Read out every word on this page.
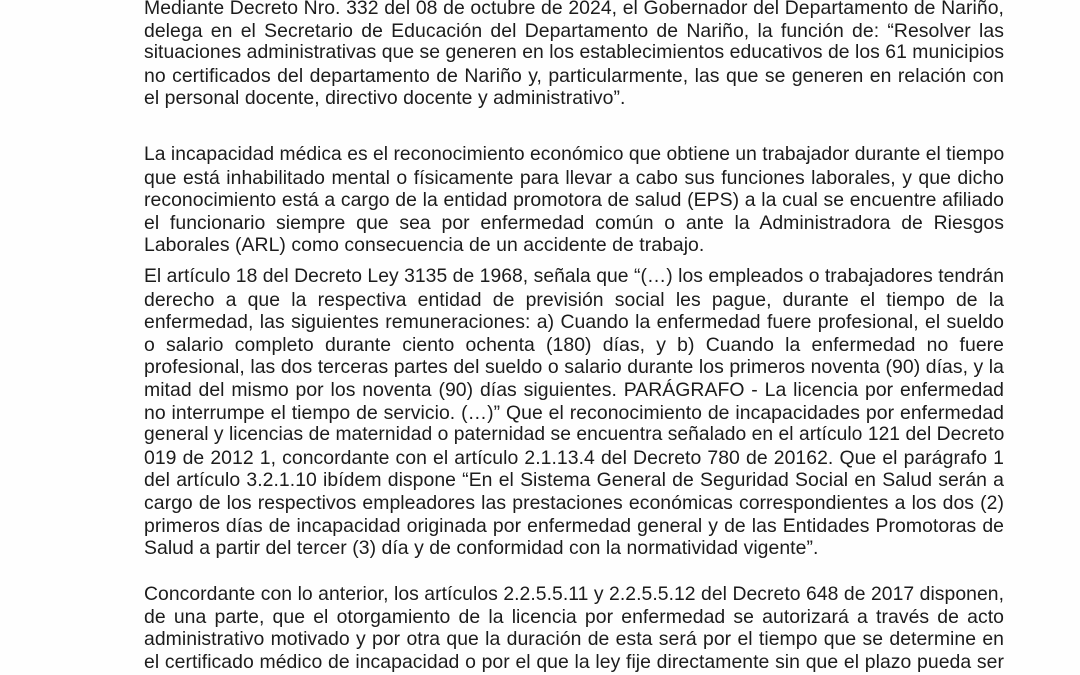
Mediante Decreto Nro. 332 del 08 de octubre de 2024, el Gobernador del Departamento de Nariño,
delega en el Secretario de Educación del Departamento de Nariño, la función de: “Resolver las
situaciones administrativas que se generen en los establecimientos educativos de los 61 municipios
no certificados del departamento de Nariño y, particularmente, las que se generen en relación con
el personal docente, directivo docente y administrativo”.
La incapacidad médica es el reconocimiento económico que obtiene un trabajador durante el tiempo
que está inhabilitado mental o físicamente para llevar a cabo sus funciones laborales, y que dicho
reconocimiento está a cargo de la entidad promotora de salud (EPS) a la cual se encuentre afiliado
el funcionario siempre que sea por enfermedad común o ante la Administradora de Riesgos
Laborales (ARL) como consecuencia de un accidente de trabajo.
El artículo 18 del Decreto Ley 3135 de 1968, señala que “(…) los empleados o trabajadores tendrán
derecho a que la respectiva entidad de previsión social les pague, durante el tiempo de la
enfermedad, las siguientes remuneraciones: a) Cuando la enfermedad fuere profesional, el sueldo
o salario completo durante ciento ochenta (180) días, y b) Cuando la enfermedad no fuere
profesional, las dos terceras partes del sueldo o salario durante los primeros noventa (90) días, y la
mitad del mismo por los noventa (90) días siguientes. PARÁGRAFO - La licencia por enfermedad
no interrumpe el tiempo de servicio. (…)” Que el reconocimiento de incapacidades por enfermedad
general y licencias de maternidad o paternidad se encuentra señalado en el artículo 121 del Decreto
019 de 2012 1, concordante con el artículo 2.1.13.4 del Decreto 780 de 20162. Que el parágrafo 1
del artículo 3.2.1.10 ibídem dispone “En el Sistema General de Seguridad Social en Salud serán a
cargo de los respectivos empleadores las prestaciones económicas correspondientes a los dos (2)
primeros días de incapacidad originada por enfermedad general y de las Entidades Promotoras de
Salud a partir del tercer (3) día y de conformidad con la normatividad vigente”.
Concordante con lo anterior, los artículos 2.2.5.5.11 y 2.2.5.5.12 del Decreto 648 de 2017 disponen,
de una parte, que el otorgamiento de la licencia por enfermedad se autorizará a través de acto
administrativo motivado y por otra que la duración de esta será por el tiempo que se determine en
el certificado médico de incapacidad o por el que la ley fije directamente sin que el plazo pueda ser
